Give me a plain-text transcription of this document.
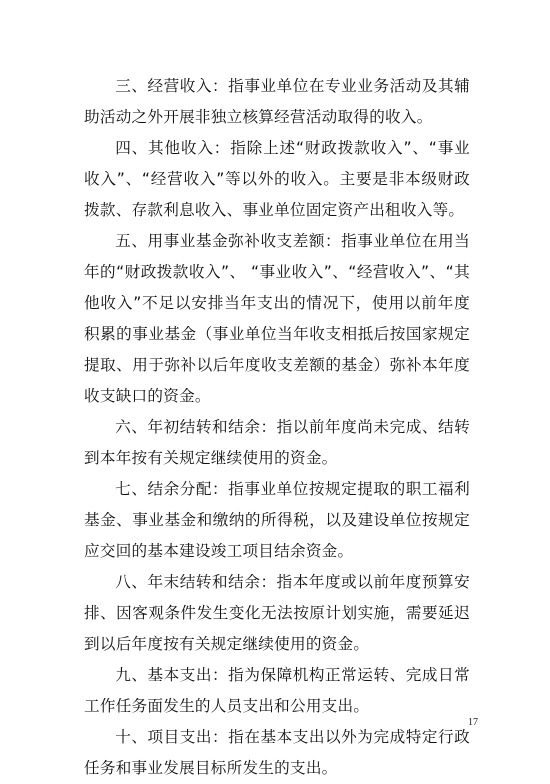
三、经营收入：指事业单位在专业业务活动及其辅助活动之外开展非独立核算经营活动取得的收入。

四、其他收入：指除上述“财政拨款收入”、“事业收入”、“经营收入”等以外的收入。主要是非本级财政拨款、存款利息收入、事业单位固定资产出租收入等。

五、用事业基金弥补收支差额：指事业单位在用当年的“财政拨款收入”、 “事业收入”、“经营收入”、“其他收入”不足以安排当年支出的情况下，使用以前年度积累的事业基金（事业单位当年收支相抵后按国家规定提取、用于弥补以后年度收支差额的基金）弥补本年度收支缺口的资金。

六、年初结转和结余：指以前年度尚未完成、结转到本年按有关规定继续使用的资金。

七、结余分配：指事业单位按规定提取的职工福利基金、事业基金和缴纳的所得税，以及建设单位按规定应交回的基本建设竣工项目结余资金。

八、年末结转和结余：指本年度或以前年度预算安排、因客观条件发生变化无法按原计划实施，需要延迟到以后年度按有关规定继续使用的资金。

九、基本支出：指为保障机构正常运转、完成日常工作任务面发生的人员支出和公用支出。

十、项目支出：指在基本支出以外为完成特定行政任务和事业发展目标所发生的支出。

17
